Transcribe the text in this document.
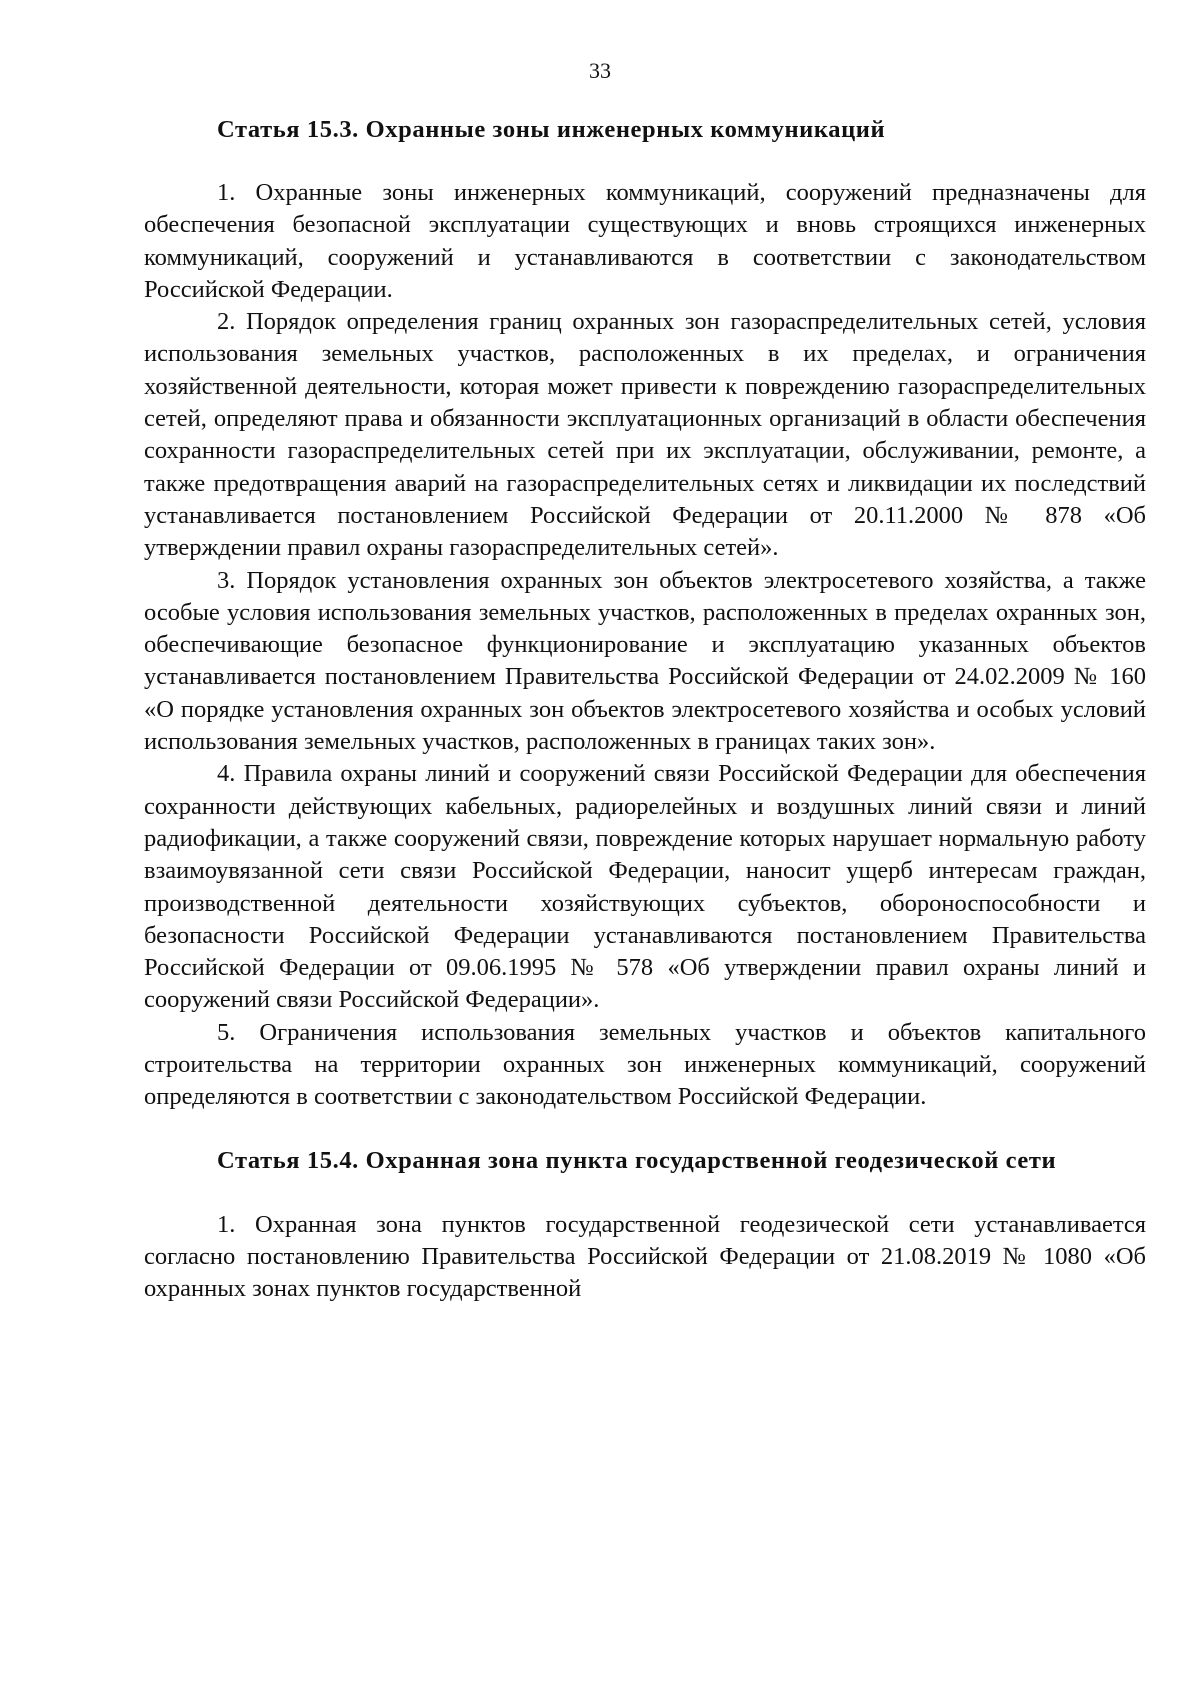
33
Статья 15.3. Охранные зоны инженерных коммуникаций

1. Охранные зоны инженерных коммуникаций, сооружений предназначены для обеспечения безопасной эксплуатации существующих и вновь строящихся инженерных коммуникаций, сооружений и устанавливаются в соответствии с законодательством Российской Федерации.

2. Порядок определения границ охранных зон газораспределительных сетей, условия использования земельных участков, расположенных в их пределах, и ограничения хозяйственной деятельности, которая может привести к повреждению газораспределительных сетей, определяют права и обязанности эксплуатационных организаций в области обеспечения сохранности газораспределительных сетей при их эксплуатации, обслуживании, ремонте, а также предотвращения аварий на газораспределительных сетях и ликвидации их последствий устанавливается постановлением Российской Федерации от 20.11.2000 № 878 «Об утверждении правил охраны газораспределительных сетей».

3. Порядок установления охранных зон объектов электросетевого хозяйства, а также особые условия использования земельных участков, расположенных в пределах охранных зон, обеспечивающие безопасное функционирование и эксплуатацию указанных объектов устанавливается постановлением Правительства Российской Федерации от 24.02.2009 № 160 «О порядке установления охранных зон объектов электросетевого хозяйства и особых условий использования земельных участков, расположенных в границах таких зон».

4. Правила охраны линий и сооружений связи Российской Федерации для обеспечения сохранности действующих кабельных, радиорелейных и воздушных линий связи и линий радиофикации, а также сооружений связи, повреждение которых нарушает нормальную работу взаимоувязанной сети связи Российской Федерации, наносит ущерб интересам граждан, производственной деятельности хозяйствующих субъектов, обороноспособности и безопасности Российской Федерации устанавливаются постановлением Правительства Российской Федерации от 09.06.1995 № 578 «Об утверждении правил охраны линий и сооружений связи Российской Федерации».

5. Ограничения использования земельных участков и объектов капитального строительства на территории охранных зон инженерных коммуникаций, сооружений определяются в соответствии с законодательством Российской Федерации.

Статья 15.4. Охранная зона пункта государственной геодезической сети

1. Охранная зона пунктов государственной геодезической сети устанавливается согласно постановлению Правительства Российской Федерации от 21.08.2019 № 1080 «Об охранных зонах пунктов государственной
